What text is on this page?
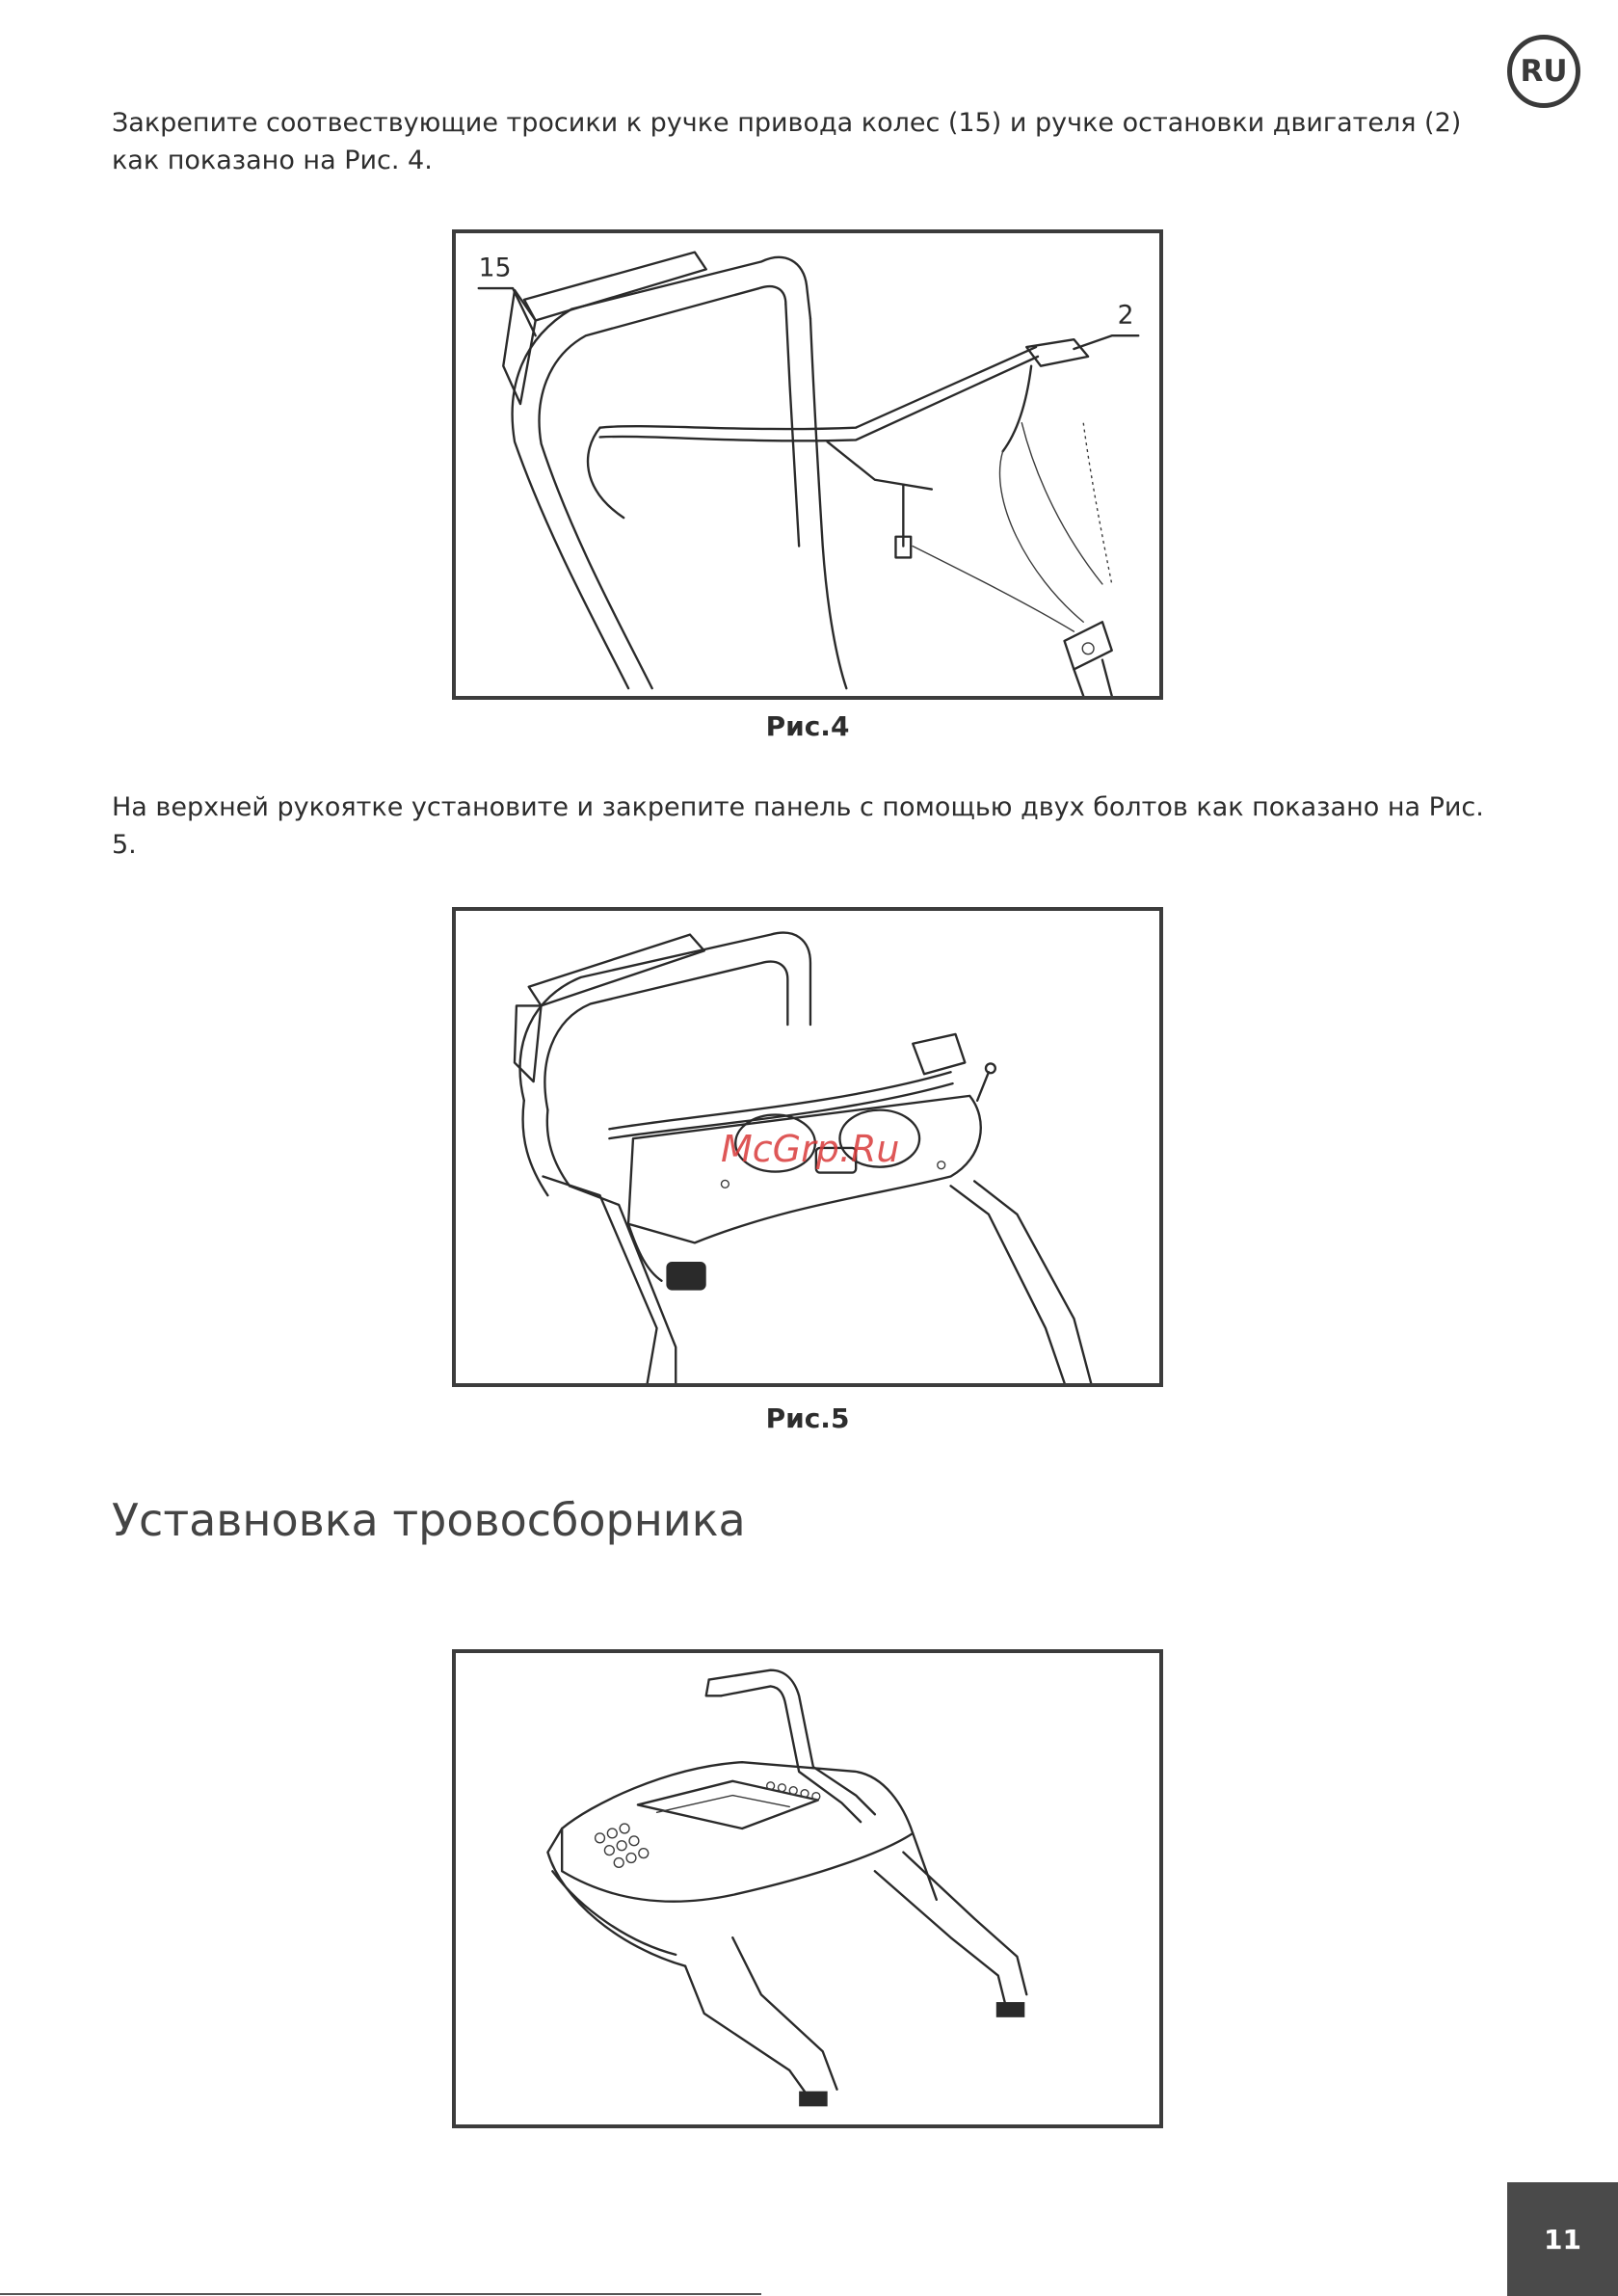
RU

Закрепите соотвествующие тросики к ручке привода колес (15) и ручке остановки двигателя (2) как показано на Рис. 4.

15
2
Рис.4

На верхней рукоятке установите и закрепите панель с помощью двух болтов как показано на Рис. 5.

Рис.5
McGrp.Ru
Уставновка тровосборника
11
